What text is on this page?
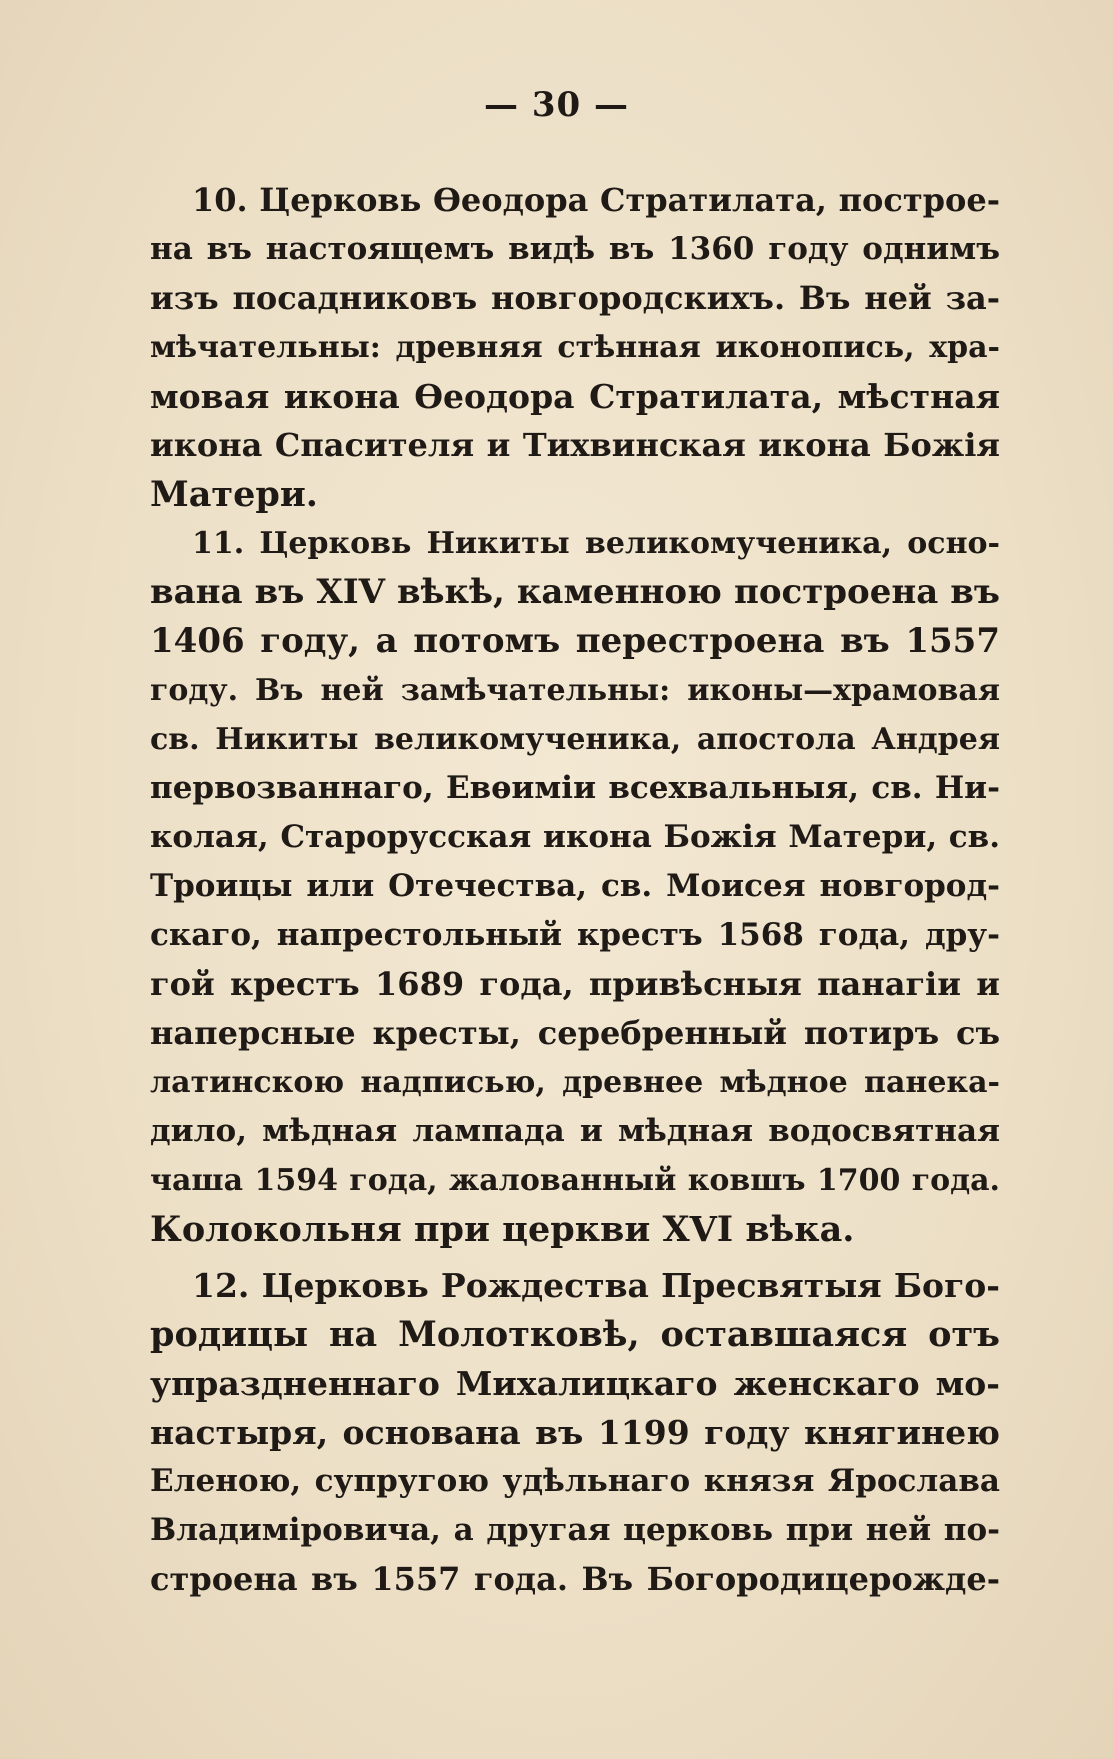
— 30 —
10. Церковь Ѳеодора Стратилата, построе-
на въ настоящемъ видѣ въ 1360 году однимъ
изъ посадниковъ новгородскихъ. Въ ней за-
мѣчательны: древняя стѣнная иконопись, хра-
мовая икона Ѳеодора Стратилата, мѣстная
икона Спасителя и Тихвинская икона Божія
Матери.
11. Церковь Никиты великомученика, осно-
вана въ XIV вѣкѣ, каменною построена въ
1406 году, а потомъ перестроена въ 1557
году. Въ ней замѣчательны: иконы—храмовая
св. Никиты великомученика, апостола Андрея
первозваннаго, Евѳиміи всехвальныя, св. Ни-
колая, Старорусская икона Божія Матери, св.
Троицы или Отечества, св. Моисея новгород-
скаго, напрестольный крестъ 1568 года, дру-
гой крестъ 1689 года, привѣсныя панагіи и
наперсные кресты, серебренный потиръ съ
латинскою надписью, древнее мѣдное панека-
дило, мѣдная лампада и мѣдная водосвятная
чаша 1594 года, жалованный ковшъ 1700 года.
Колокольня при церкви XVI вѣка.
12. Церковь Рождества Пресвятыя Бого-
родицы на Молотковѣ, оставшаяся отъ
упраздненнаго Михалицкаго женскаго мо-
настыря, основана въ 1199 году княгинею
Еленою, супругою удѣльнаго князя Ярослава
Владиміровича, а другая церковь при ней по-
строена въ 1557 года. Въ Богородицерожде-
